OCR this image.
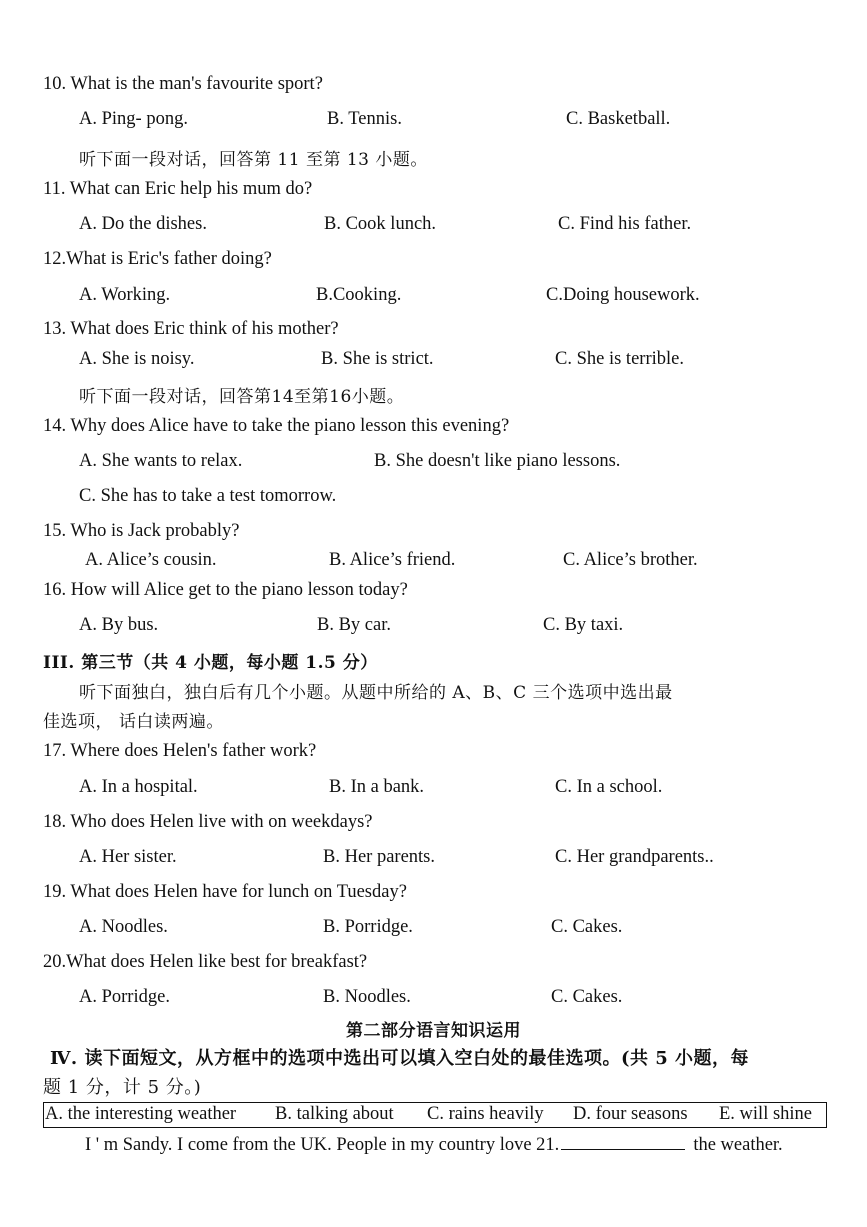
10. What is the man's favourite sport?
A. Ping- pong.	B. Tennis.	C. Basketball.
听下面一段对话，回答第 11 至第 13 小题。
11. What can Eric help his mum do?
A. Do the dishes.	B. Cook lunch.	C. Find his father.
12.What is Eric's father doing?
A. Working.	B.Cooking.	C.Doing housework.
13. What does Eric think of his mother?
A. She is noisy.	B. She is strict.	C. She is terrible.
听下面一段对话，回答第14至第16小题。
14. Why does Alice have to take the piano lesson this evening?
A. She wants to relax.	B. She doesn't like piano lessons.
C. She has to take a test tomorrow.
15. Who is Jack probably?
A. Alice’s cousin.	B. Alice’s friend.	C. Alice’s brother.
16. How will Alice get to the piano lesson today?
A. By bus.	B. By car.	C. By taxi.
III. 第三节（共 4 小题，每小题 1.5 分）
听下面独白，独白后有几个小题。从题中所给的 A、B、C 三个选项中选出最
佳选项， 话白读两遍。
17. Where does Helen's father work?
A. In a hospital.	B. In a bank.	C. In a school.
18. Who does Helen live with on weekdays?
A. Her sister.	B. Her parents.	C. Her grandparents..
19. What does Helen have for lunch on Tuesday?
A. Noodles.	B. Porridge.	C. Cakes.
20.What does Helen like best for breakfast?
A. Porridge.	B. Noodles.	C. Cakes.
第二部分语言知识运用
Ⅳ. 读下面短文，从方框中的选项中选出可以填入空白处的最佳选项。(共 5 小题，每
题 1 分，计 5 分。)
A. the interesting weather B. talking about C. rains heavily D. four seasons E. will shine
I ' m Sandy. I come from the UK. People in my country love 21.	the weather.
